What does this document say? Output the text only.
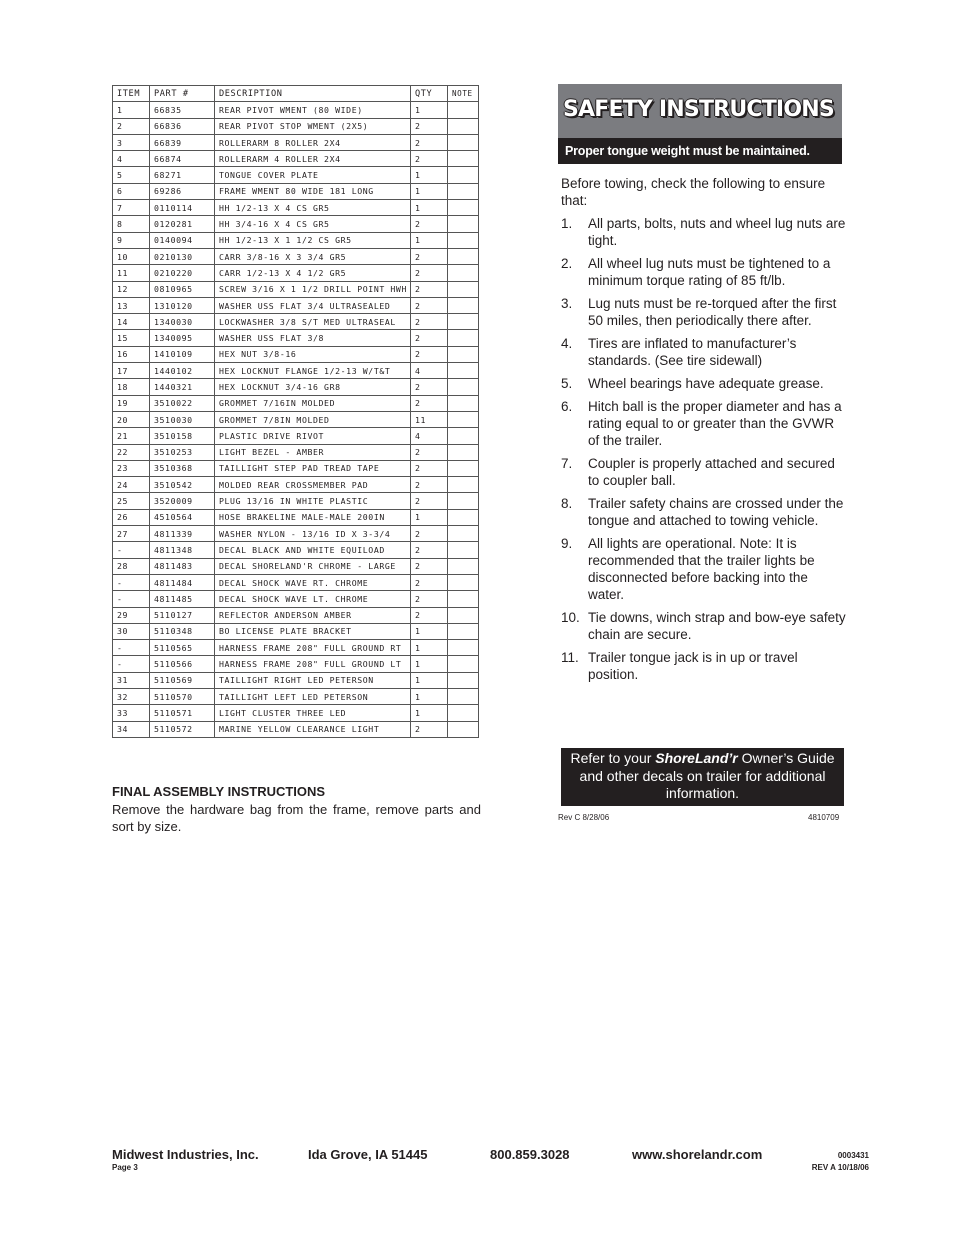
ITEM	PART #	DESCRIPTION	QTY	NOTE
1	66835	REAR PIVOT WMENT (80 WIDE)	1	
2	66836	REAR PIVOT STOP WMENT (2X5)	2	
3	66839	ROLLERARM 8 ROLLER 2X4	2	
4	66874	ROLLERARM 4 ROLLER 2X4	2	
5	68271	TONGUE COVER PLATE	1	
6	69286	FRAME WMENT 80 WIDE 181 LONG	1	
7	0110114	HH 1/2-13 X 4 CS GR5	1	
8	0120281	HH 3/4-16 X 4 CS GR5	2	
9	0140094	HH 1/2-13 X 1 1/2 CS GR5	1	
10	0210130	CARR 3/8-16 X 3 3/4 GR5	2	
11	0210220	CARR 1/2-13 X 4 1/2 GR5	2	
12	0810965	SCREW 3/16 X 1 1/2 DRILL POINT HWH	2	
13	1310120	WASHER USS FLAT 3/4 ULTRASEALED	2	
14	1340030	LOCKWASHER 3/8 S/T MED ULTRASEAL	2	
15	1340095	WASHER USS FLAT 3/8	2	
16	1410109	HEX NUT 3/8-16	2	
17	1440102	HEX LOCKNUT FLANGE 1/2-13 W/T&T	4	
18	1440321	HEX LOCKNUT 3/4-16 GR8	2	
19	3510022	GROMMET 7/16IN MOLDED	2	
20	3510030	GROMMET 7/8IN MOLDED	11	
21	3510158	PLASTIC DRIVE RIVOT	4	
22	3510253	LIGHT BEZEL - AMBER	2	
23	3510368	TAILLIGHT STEP PAD TREAD TAPE	2	
24	3510542	MOLDED REAR CROSSMEMBER PAD	2	
25	3520009	PLUG 13/16 IN WHITE PLASTIC	2	
26	4510564	HOSE BRAKELINE MALE-MALE 200IN	1	
27	4811339	WASHER NYLON - 13/16 ID X 3-3/4	2	
-	4811348	DECAL BLACK AND WHITE EQUILOAD	2	
28	4811483	DECAL SHORELAND'R CHROME - LARGE	2	
-	4811484	DECAL SHOCK WAVE RT. CHROME	2	
-	4811485	DECAL SHOCK WAVE LT. CHROME	2	
29	5110127	REFLECTOR ANDERSON AMBER	2	
30	5110348	BO LICENSE PLATE BRACKET	1	
-	5110565	HARNESS FRAME 208" FULL GROUND RT	1	
-	5110566	HARNESS FRAME 208" FULL GROUND LT	1	
31	5110569	TAILLIGHT RIGHT LED PETERSON	1	
32	5110570	TAILLIGHT LEFT LED PETERSON	1	
33	5110571	LIGHT CLUSTER THREE LED	1	
34	5110572	MARINE YELLOW CLEARANCE LIGHT	2	
FINAL ASSEMBLY INSTRUCTIONS
Remove the hardware bag from the frame, remove parts and sort by size.
SAFETY INSTRUCTIONS
Proper tongue weight must be maintained.
Before towing, check the following to ensure that:
1. All parts, bolts, nuts and wheel lug nuts are tight.
2. All wheel lug nuts must be tightened to a minimum torque rating of 85 ft/lb.
3. Lug nuts must be re-torqued after the first 50 miles, then periodically there after.
4. Tires are inflated to manufacturer’s standards. (See tire sidewall)
5. Wheel bearings have adequate grease.
6. Hitch ball is the proper diameter and has a rating equal to or greater than the GVWR of the trailer.
7. Coupler is properly attached and secured to coupler ball.
8. Trailer safety chains are crossed under the tongue and attached to towing vehicle.
9. All lights are operational. Note: It is recommended that the trailer lights be disconnected before backing into the water.
10. Tie downs, winch strap and bow-eye safety chain are secure.
11. Trailer tongue jack is in up or travel position.
Refer to your ShoreLand’r Owner’s Guide and other decals on trailer for additional information.
Rev C 8/28/06	4810709
Midwest Industries, Inc.	Ida Grove, IA 51445	800.859.3028	www.shorelandr.com
Page 3
0003431
REV A 10/18/06
